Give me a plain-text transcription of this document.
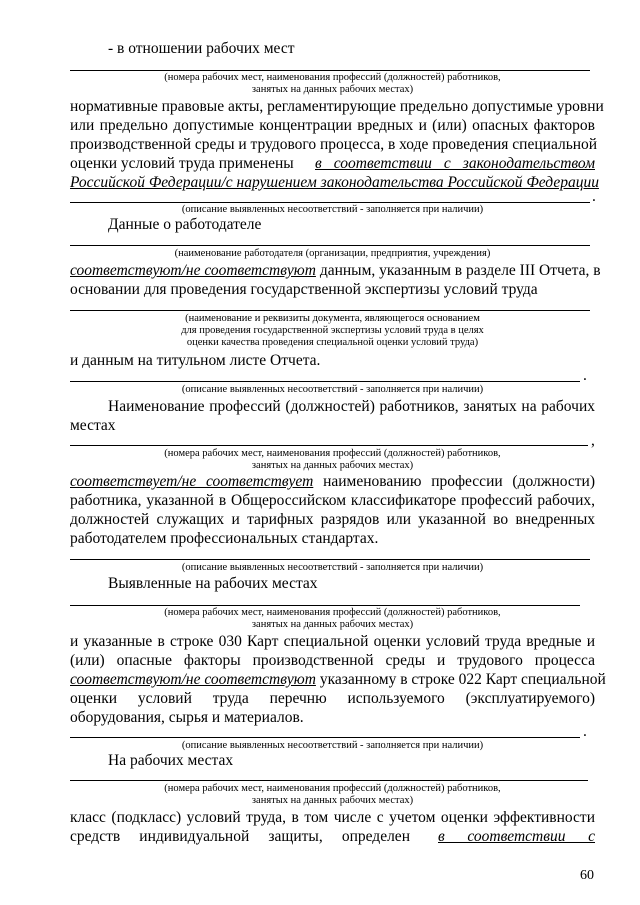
- в отношении рабочих мест
(номера рабочих мест, наименования профессий (должностей) работников,
занятых на данных рабочих местах)
нормативные правовые акты, регламентирующие предельно допустимые уровни
или предельно допустимые концентрации вредных и (или) опасных факторов
производственной среды и трудового процесса, в ходе проведения специальной
оценки условий труда применены в соответствии с законодательством
Российской Федерации/с нарушением законодательства Российской Федерации
.
(описание выявленных несоответствий - заполняется при наличии)
Данные о работодателе
(наименование работодателя (организации, предприятия, учреждения)
соответствуют/не соответствуют данным, указанным в разделе III Отчета, в
основании для проведения государственной экспертизы условий труда
(наименование и реквизиты документа, являющегося основанием
для проведения государственной экспертизы условий труда в целях
оценки качества проведения специальной оценки условий труда)
и данным на титульном листе Отчета.
.
(описание выявленных несоответствий - заполняется при наличии)
Наименование профессий (должностей) работников, занятых на рабочих
местах
,
(номера рабочих мест, наименования профессий (должностей) работников,
занятых на данных рабочих местах)
соответствует/не соответствует наименованию профессии (должности)
работника, указанной в Общероссийском классификаторе профессий рабочих,
должностей служащих и тарифных разрядов или указанной во внедренных
работодателем профессиональных стандартах.
(описание выявленных несоответствий - заполняется при наличии)
Выявленные на рабочих местах
(номера рабочих мест, наименования профессий (должностей) работников,
занятых на данных рабочих местах)
и указанные в строке 030 Карт специальной оценки условий труда вредные и
(или) опасные факторы производственной среды и трудового процесса
соответствуют/не соответствуют указанному в строке 022 Карт специальной
оценки условий труда перечню используемого (эксплуатируемого)
оборудования, сырья и материалов.
.
(описание выявленных несоответствий - заполняется при наличии)
На рабочих местах
(номера рабочих мест, наименования профессий (должностей) работников,
занятых на данных рабочих местах)
класс (подкласс) условий труда, в том числе с учетом оценки эффективности
средств индивидуальной защиты, определен в соответствии с
60
